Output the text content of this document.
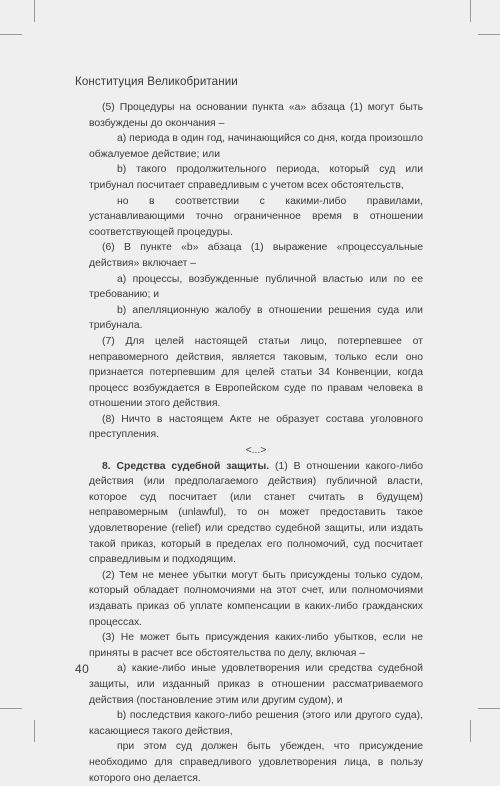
Конституция Великобритании

(5) Процедуры на основании пункта «а» абзаца (1) могут быть возбуждены до окончания –

а) периода в один год, начинающийся со дня, когда произошло обжалуемое действие; или

b) такого продолжительного периода, который суд или трибунал посчитает справедливым с учетом всех обстоятельств,

но в соответствии с какими-либо правилами, устанавливающими точно ограниченное время в отношении соответствующей процедуры.

(6) В пункте «b» абзаца (1) выражение «процессуальные действия» включает –

а) процессы, возбужденные публичной властью или по ее требованию; и

b) апелляционную жалобу в отношении решения суда или трибунала.

(7) Для целей настоящей статьи лицо, потерпевшее от неправомерного действия, является таковым, только если оно признается потерпевшим для целей статьи 34 Конвенции, когда процесс возбуждается в Европейском суде по правам человека в отношении этого действия.

(8) Ничто в настоящем Акте не образует состава уголовного преступления.

<...>

8. Средства судебной защиты. (1) В отношении какого-либо действия (или предполагаемого действия) публичной власти, которое суд посчитает (или станет считать в будущем) неправомерным (unlawful), то он может предоставить такое удовлетворение (relief) или средство судебной защиты, или издать такой приказ, который в пределах его полномочий, суд посчитает справедливым и подходящим.

(2) Тем не менее убытки могут быть присуждены только судом, который обладает полномочиями на этот счет, или полномочиями издавать приказ об уплате компенсации в каких-либо гражданских процессах.

(3) Не может быть присуждения каких-либо убытков, если не приняты в расчет все обстоятельства по делу, включая –

а) какие-либо иные удовлетворения или средства судебной защиты, или изданный приказ в отношении рассматриваемого действия (постановление этим или другим судом), и

b) последствия какого-либо решения (этого или другого суда), касающиеся такого действия,

при этом суд должен быть убежден, что присуждение необходимо для справедливого удовлетворения лица, в пользу которого оно делается.

40
